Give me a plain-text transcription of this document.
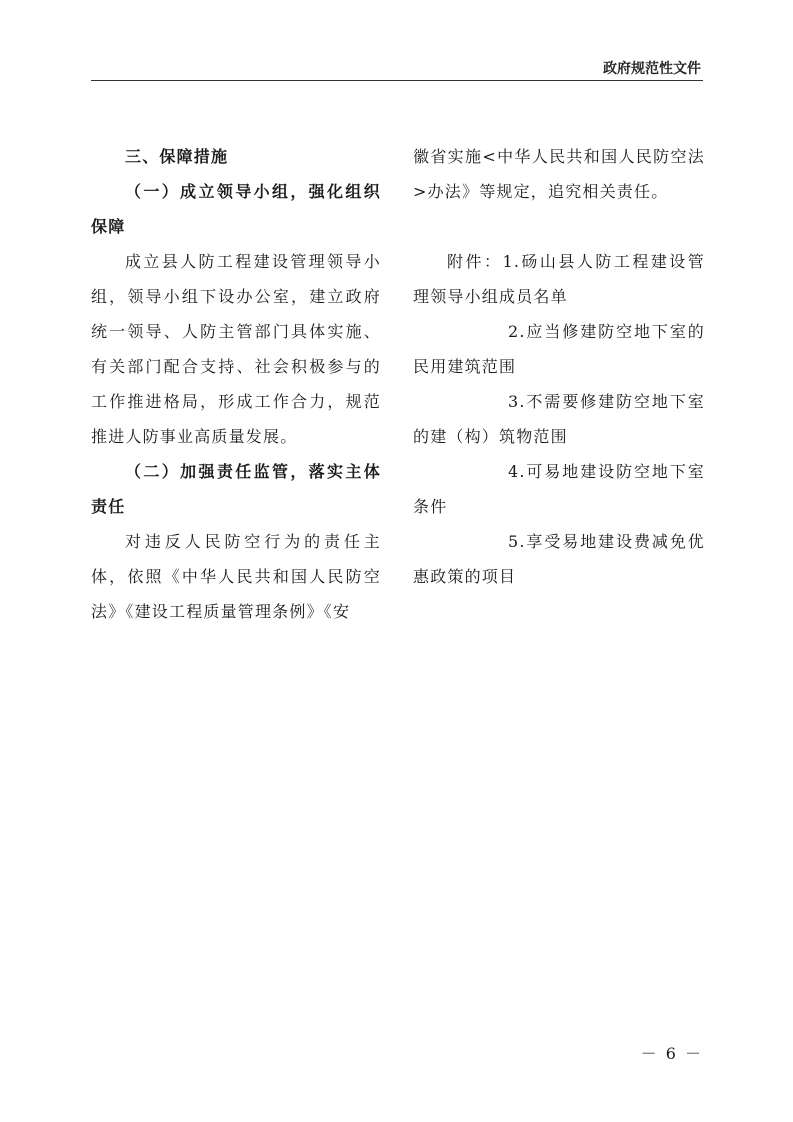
政府规范性文件

三、保障措施

（一）成立领导小组，强化组织保障

成立县人防工程建设管理领导小组，领导小组下设办公室，建立政府统一领导、人防主管部门具体实施、有关部门配合支持、社会积极参与的工作推进格局，形成工作合力，规范推进人防事业高质量发展。

（二）加强责任监管，落实主体责任

对违反人民防空行为的责任主体，依照《中华人民共和国人民防空法》《建设工程质量管理条例》《安

徽省实施<中华人民共和国人民防空法>办法》等规定，追究相关责任。

附件：1.砀山县人防工程建设管理领导小组成员名单

2.应当修建防空地下室的民用建筑范围

3.不需要修建防空地下室的建（构）筑物范围

4.可易地建设防空地下室条件

5.享受易地建设费减免优惠政策的项目

－ 6 －
